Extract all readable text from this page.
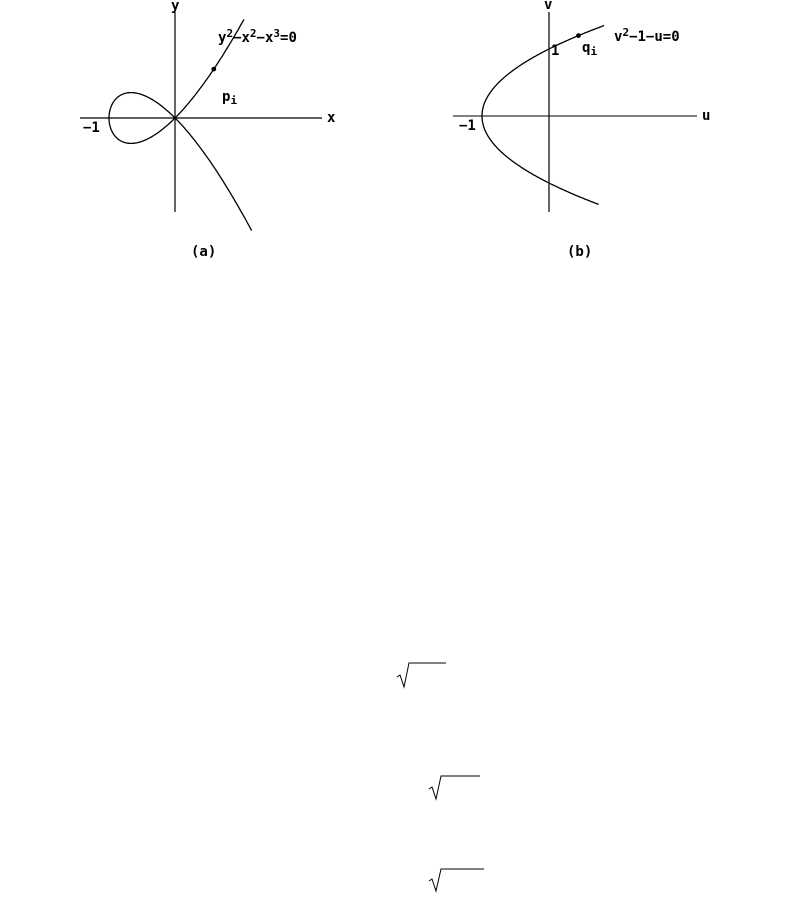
y
x
−1
$p_i$
$y^2-x^2-x^3=0$
(a)
v
u
−1
1 $q_i$
$v^2-1-u=0$
(b)
